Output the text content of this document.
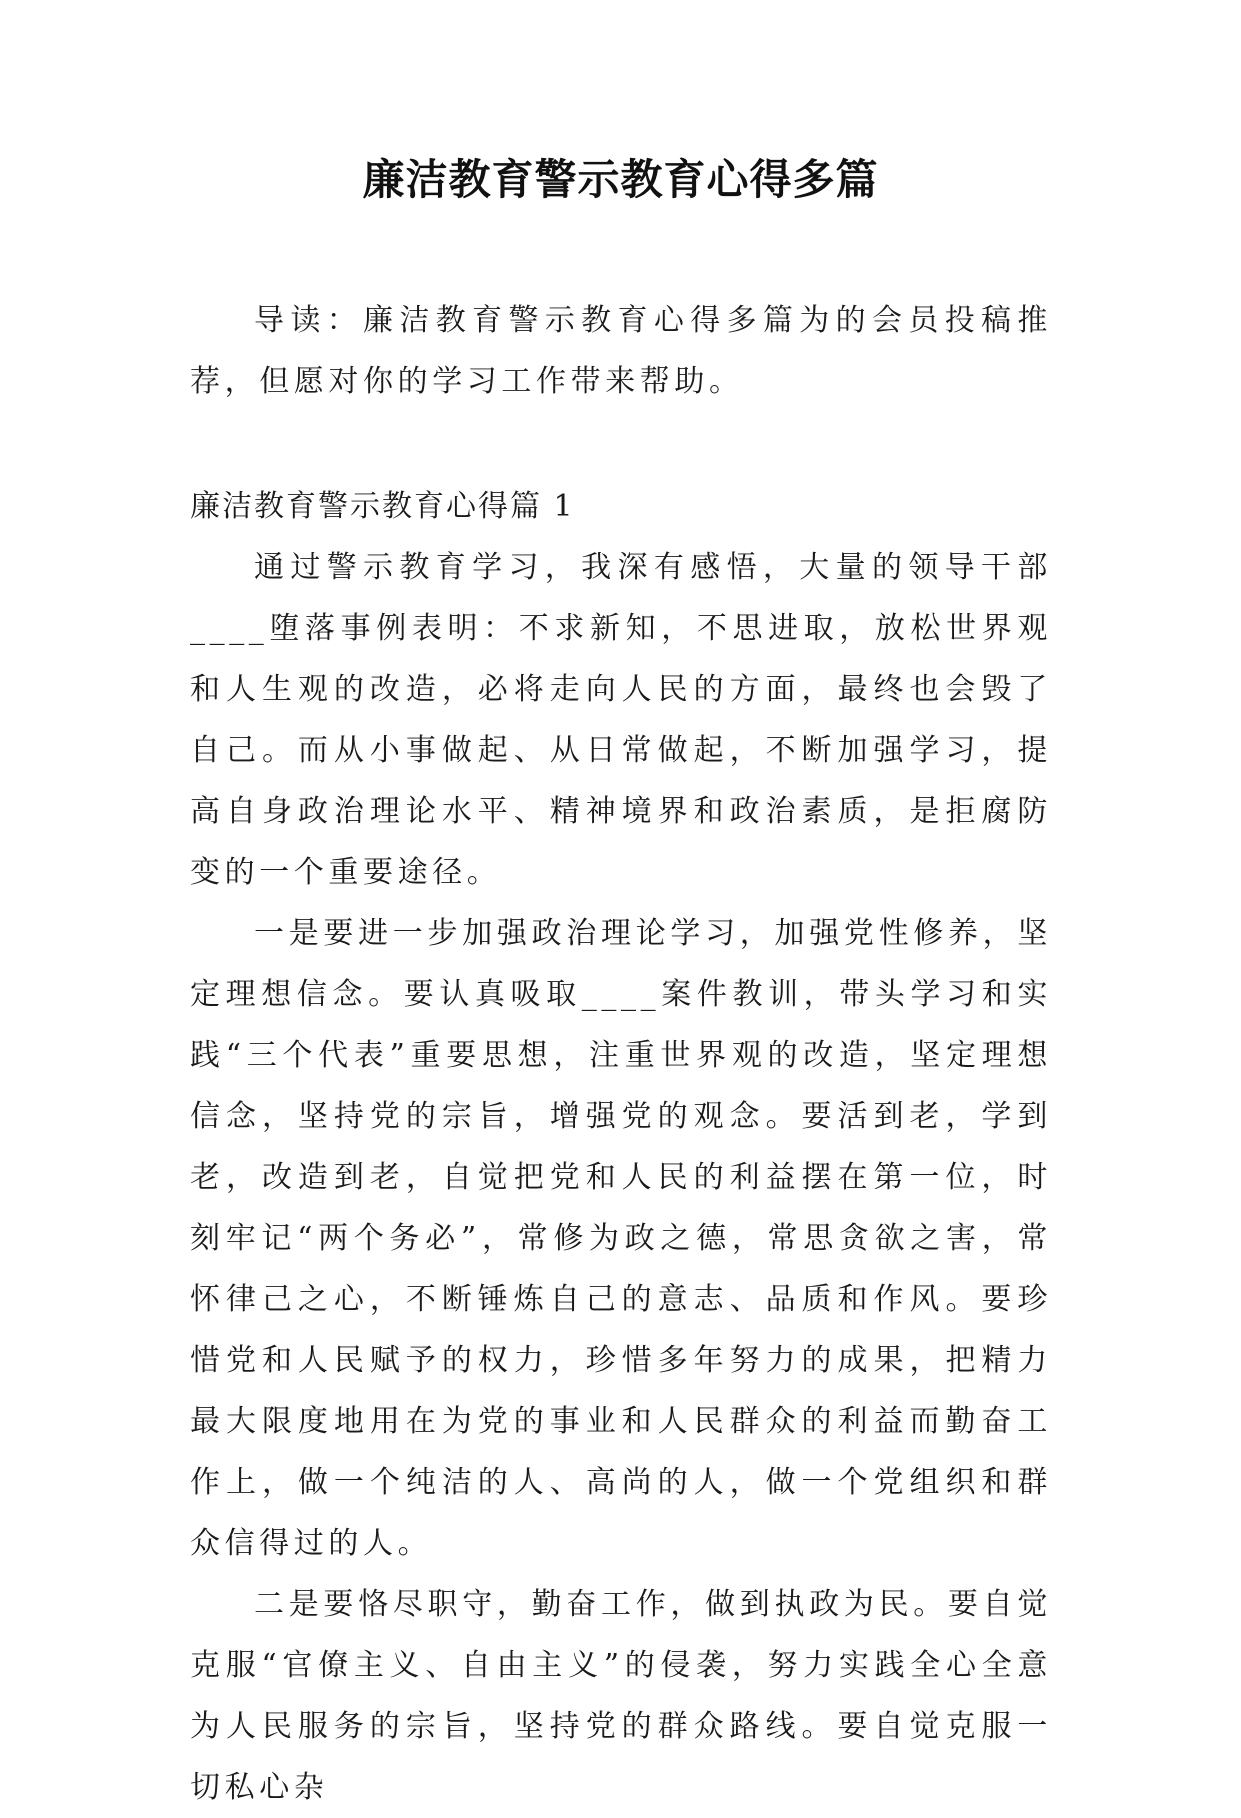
廉洁教育警示教育心得多篇

导读：廉洁教育警示教育心得多篇为的会员投稿推荐，但愿对你的学习工作带来帮助。

廉洁教育警示教育心得篇 1

通过警示教育学习，我深有感悟，大量的领导干部____堕落事例表明：不求新知，不思进取，放松世界观和人生观的改造，必将走向人民的方面，最终也会毁了自己。而从小事做起、从日常做起，不断加强学习，提高自身政治理论水平、精神境界和政治素质，是拒腐防变的一个重要途径。

一是要进一步加强政治理论学习，加强党性修养，坚定理想信念。要认真吸取____案件教训，带头学习和实践“三个代表”重要思想，注重世界观的改造，坚定理想信念，坚持党的宗旨，增强党的观念。要活到老，学到老，改造到老，自觉把党和人民的利益摆在第一位，时刻牢记“两个务必”，常修为政之德，常思贪欲之害，常怀律己之心，不断锤炼自己的意志、品质和作风。要珍惜党和人民赋予的权力，珍惜多年努力的成果，把精力最大限度地用在为党的事业和人民群众的利益而勤奋工作上，做一个纯洁的人、高尚的人，做一个党组织和群众信得过的人。

二是要恪尽职守，勤奋工作，做到执政为民。要自觉克服“官僚主义、自由主义”的侵袭，努力实践全心全意为人民服务的宗旨，坚持党的群众路线。要自觉克服一切私心杂
